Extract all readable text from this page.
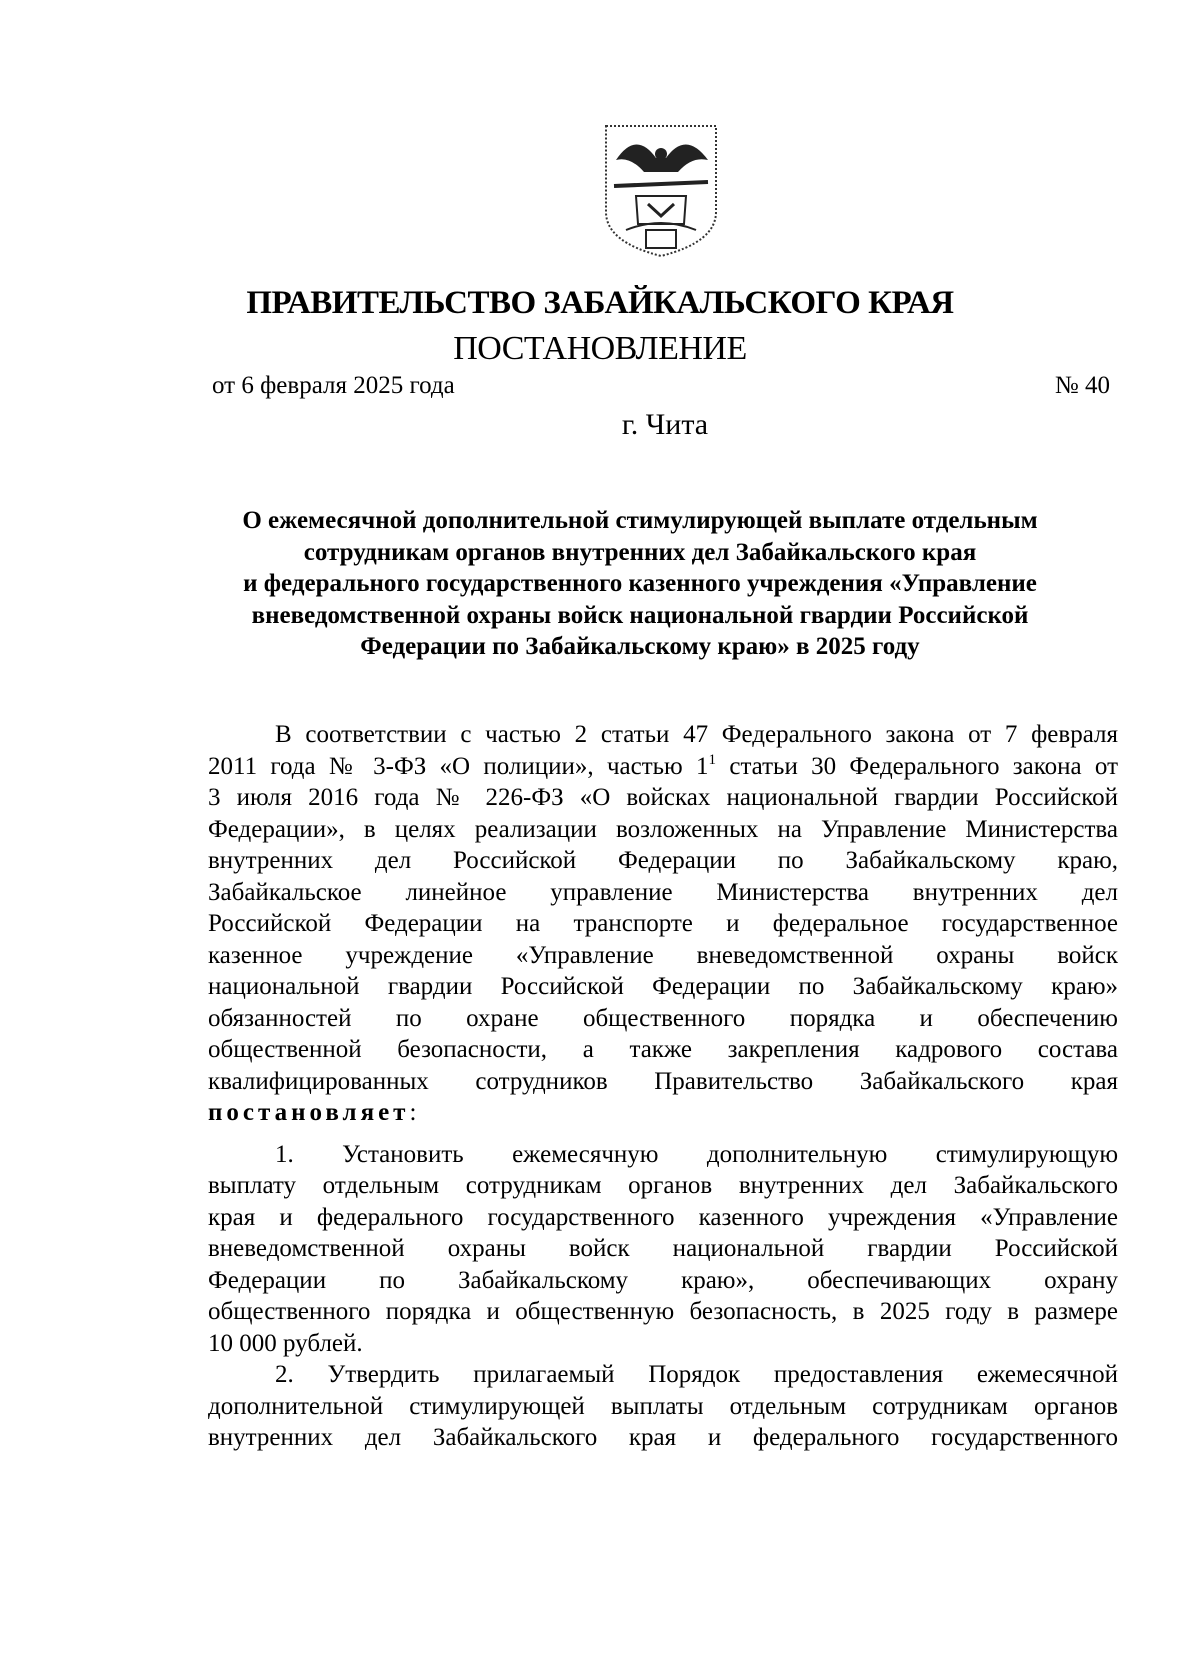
ПРАВИТЕЛЬСТВО ЗАБАЙКАЛЬСКОГО КРАЯ
ПОСТАНОВЛЕНИЕ
от 6 февраля 2025 года	№ 40
г. Чита
О ежемесячной дополнительной стимулирующей выплате отдельным
сотрудникам органов внутренних дел Забайкальского края
и федерального государственного казенного учреждения «Управление
вневедомственной охраны войск национальной гвардии Российской
Федерации по Забайкальскому краю» в 2025 году
В соответствии с частью 2 статьи 47 Федерального закона от 7 февраля
2011 года № 3-ФЗ «О полиции», частью $1^1$ статьи 30 Федерального закона от
3 июля 2016 года № 226-ФЗ «О войсках национальной гвардии Российской
Федерации», в целях реализации возложенных на Управление Министерства
внутренних дел Российской Федерации по Забайкальскому краю,
Забайкальское линейное управление Министерства внутренних дел
Российской Федерации на транспорте и федеральное государственное
казенное учреждение «Управление вневедомственной охраны войск
национальной гвардии Российской Федерации по Забайкальскому краю»
обязанностей по охране общественного порядка и обеспечению
общественной безопасности, а также закрепления кадрового состава
квалифицированных сотрудников Правительство Забайкальского края
постановляет:
1. Установить ежемесячную дополнительную стимулирующую
выплату отдельным сотрудникам органов внутренних дел Забайкальского
края и федерального государственного казенного учреждения «Управление
вневедомственной охраны войск национальной гвардии Российской
Федерации по Забайкальскому краю», обеспечивающих охрану
общественного порядка и общественную безопасность, в 2025 году в размере
10 000 рублей.
2. Утвердить прилагаемый Порядок предоставления ежемесячной
дополнительной стимулирующей выплаты отдельным сотрудникам органов
внутренних дел Забайкальского края и федерального государственного
